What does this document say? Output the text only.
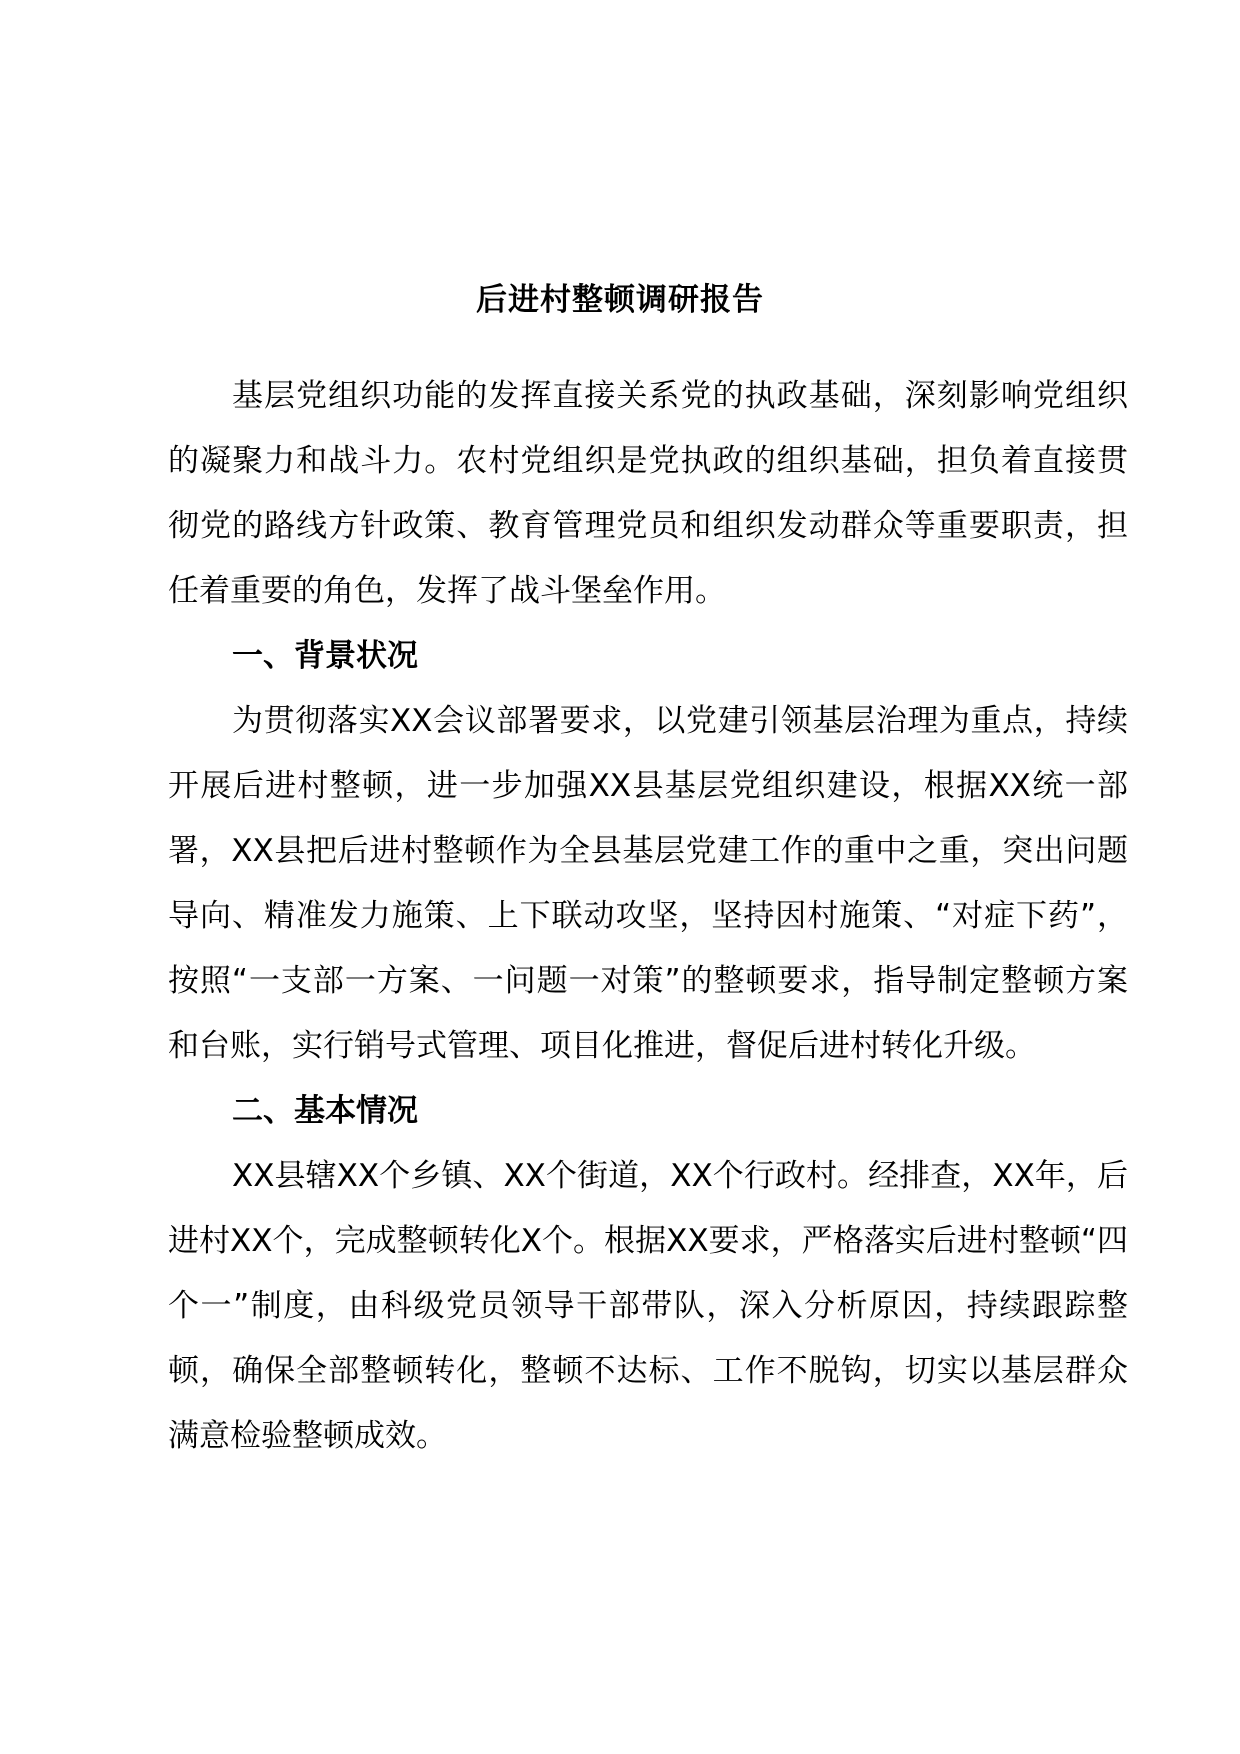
后进村整顿调研报告

基层党组织功能的发挥直接关系党的执政基础，深刻影响党组织的凝聚力和战斗力。农村党组织是党执政的组织基础，担负着直接贯彻党的路线方针政策、教育管理党员和组织发动群众等重要职责，担任着重要的角色，发挥了战斗堡垒作用。

一、背景状况

为贯彻落实XX会议部署要求，以党建引领基层治理为重点，持续开展后进村整顿，进一步加强XX县基层党组织建设，根据XX统一部署，XX县把后进村整顿作为全县基层党建工作的重中之重，突出问题导向、精准发力施策、上下联动攻坚，坚持因村施策、“对症下药”，按照“一支部一方案、一问题一对策”的整顿要求，指导制定整顿方案和台账，实行销号式管理、项目化推进，督促后进村转化升级。

二、基本情况

XX县辖XX个乡镇、XX个街道，XX个行政村。经排查，XX年，后进村XX个，完成整顿转化X个。根据XX要求，严格落实后进村整顿“四个一”制度，由科级党员领导干部带队，深入分析原因，持续跟踪整顿，确保全部整顿转化，整顿不达标、工作不脱钩，切实以基层群众满意检验整顿成效。
